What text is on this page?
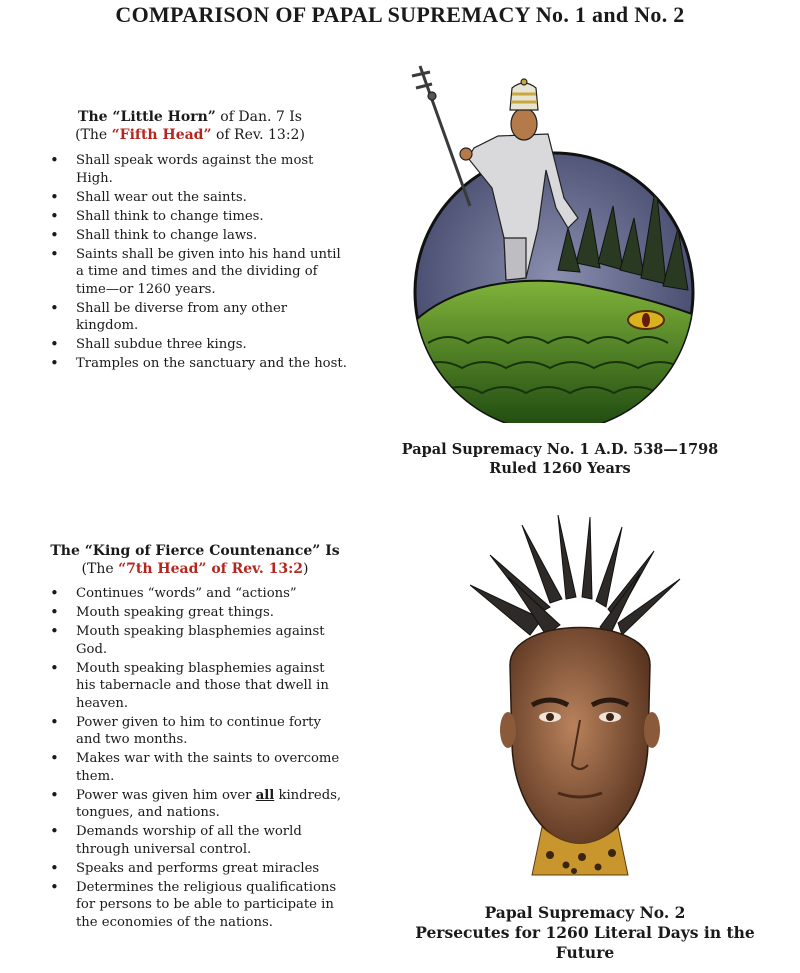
COMPARISON OF PAPAL SUPREMACY No. 1 and No. 2
The “Little Horn” of Dan. 7 Is
(The “Fifth Head” of Rev. 13:2)
• Shall speak words against the most High.
• Shall wear out the saints.
• Shall think to change times.
• Shall think to change laws.
• Saints shall be given into his hand until a time and times and the dividing of time—or 1260 years.
• Shall be diverse from any other kingdom.
• Shall subdue three kings.
• Tramples on the sanctuary and the host.
Papal Supremacy No. 1 A.D. 538—1798
Ruled 1260 Years
The “King of Fierce Countenance” Is
(The “7th Head” of Rev. 13:2)
• Continues “words” and “actions”
• Mouth speaking great things.
• Mouth speaking blasphemies against God.
• Mouth speaking blasphemies against his tabernacle and those that dwell in heaven.
• Power given to him to continue forty and two months.
• Makes war with the saints to overcome them.
• Power was given him over all kindreds, tongues, and nations.
• Demands worship of all the world through universal control.
• Speaks and performs great miracles
• Determines the religious qualifications for persons to be able to participate in the economies of the nations.	Papal Supremacy No. 2
Persecutes for 1260 Literal Days in the Future
